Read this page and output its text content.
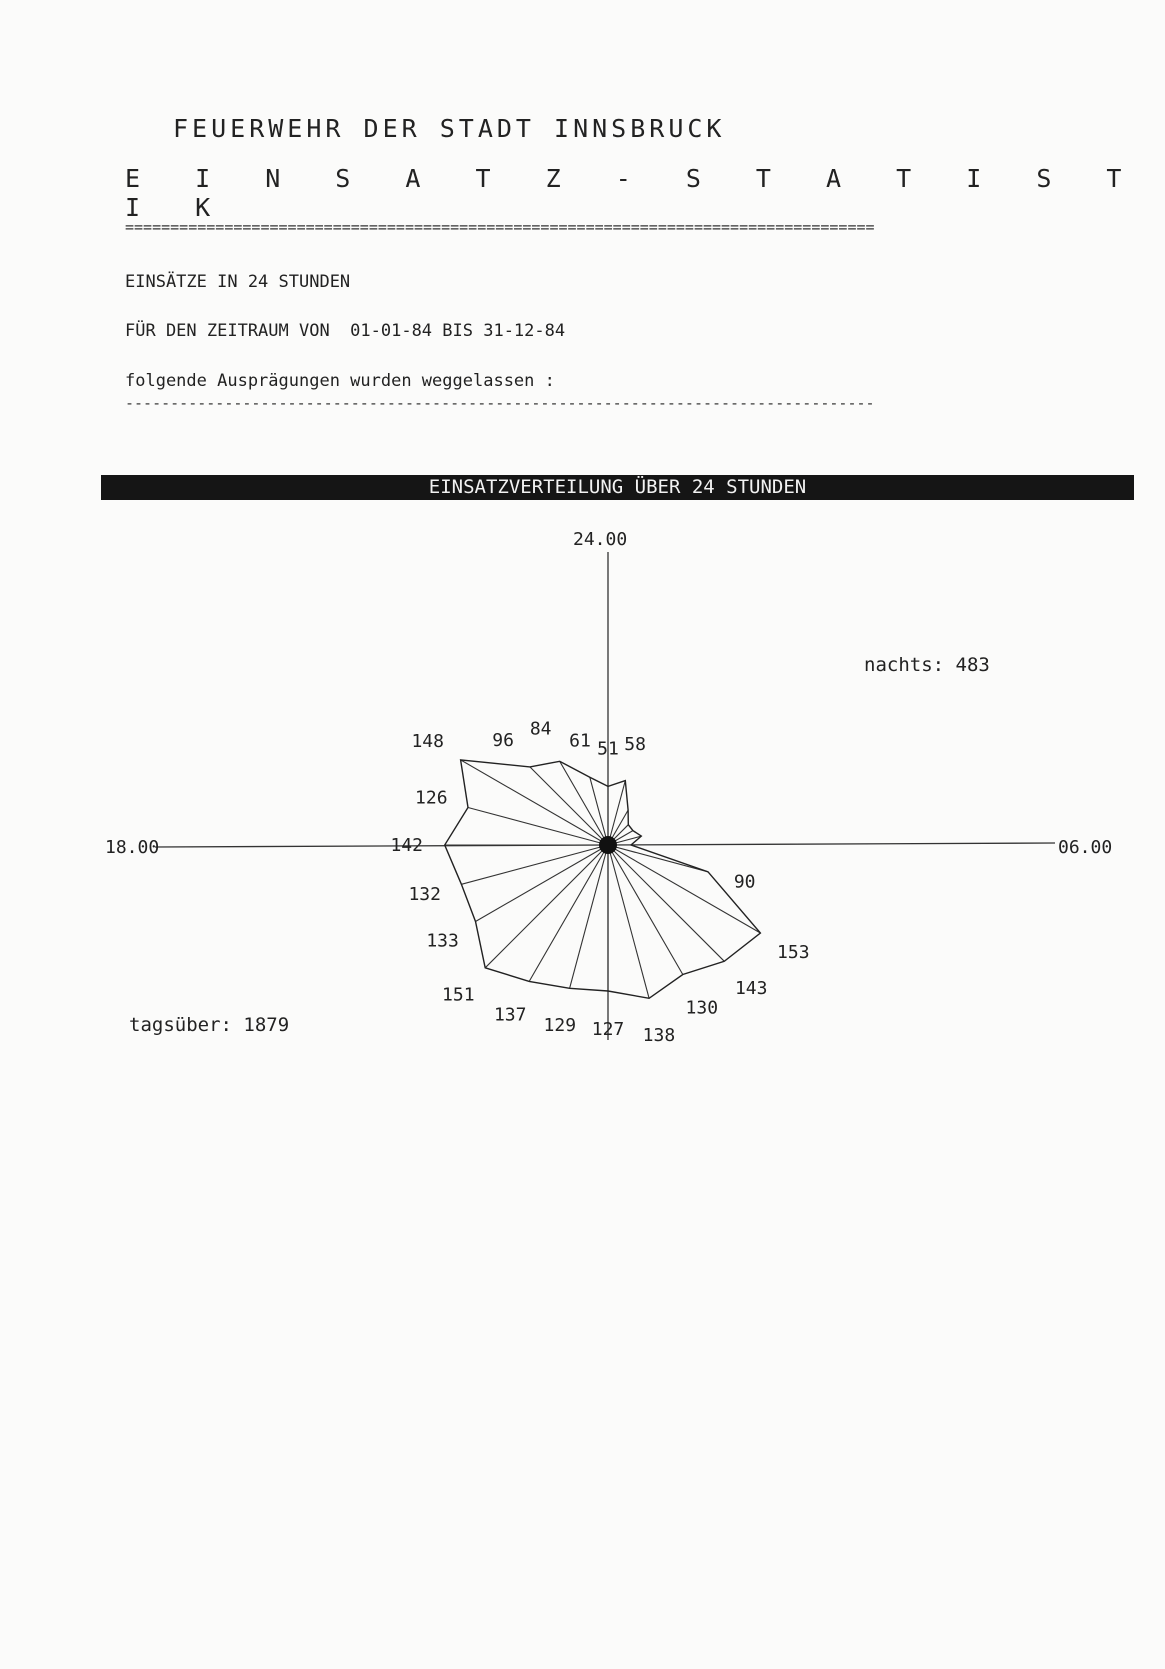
FEUERWEHR DER STADT INNSBRUCK
E I N S A T Z - S T A T I S T I K
===================================================================================
EINSÄTZE IN 24 STUNDEN
FÜR DEN ZEITRAUM VON  01-01-84 BIS 31-12-84
folgende Ausprägungen wurden weggelassen :
-----------------------------------------------------------------------------------
EINSATZVERTEILUNG ÜBER 24 STUNDEN
58
90
153
143
130
138
127
129
137
151
133
132
142
126
148	96
84
61 51
24.00
06.00
18.00
nachts: 483
tagsüber: 1879
